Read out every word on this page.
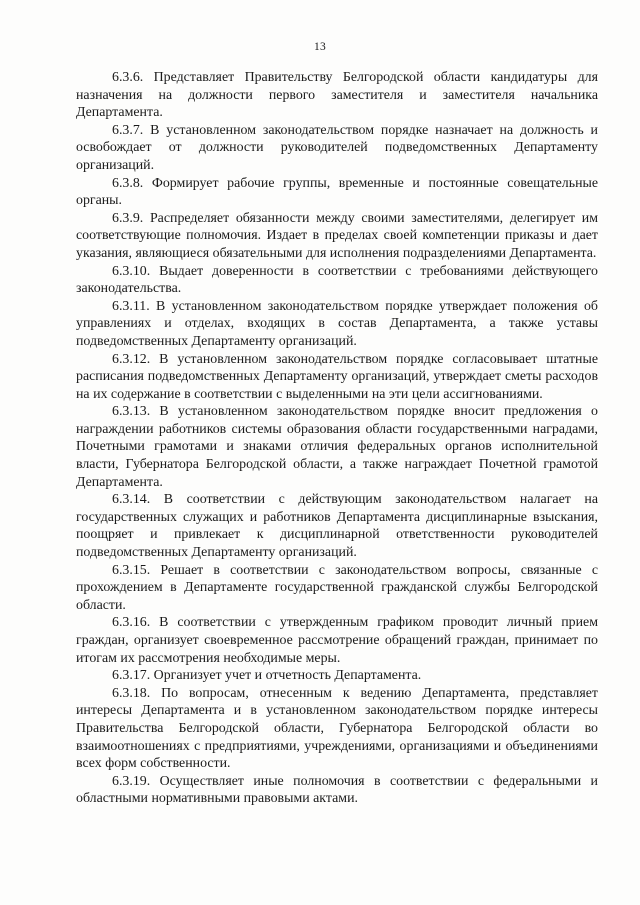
13

6.3.6. Представляет Правительству Белгородской области кандидатуры для назначения на должности первого заместителя и заместителя начальника Департамента.

6.3.7. В установленном законодательством порядке назначает на должность и освобождает от должности руководителей подведомственных Департаменту организаций.

6.3.8. Формирует рабочие группы, временные и постоянные совещательные органы.

6.3.9. Распределяет обязанности между своими заместителями, делегирует им соответствующие полномочия. Издает в пределах своей компетенции приказы и дает указания, являющиеся обязательными для исполнения подразделениями Департамента.

6.3.10. Выдает доверенности в соответствии с требованиями действующего законодательства.

6.3.11. В установленном законодательством порядке утверждает положения об управлениях и отделах, входящих в состав Департамента, а также уставы подведомственных Департаменту организаций.

6.3.12. В установленном законодательством порядке согласовывает штатные расписания подведомственных Департаменту организаций, утверждает сметы расходов на их содержание в соответствии с выделенными на эти цели ассигнованиями.

6.3.13. В установленном законодательством порядке вносит предложения о награждении работников системы образования области государственными наградами, Почетными грамотами и знаками отличия федеральных органов исполнительной власти, Губернатора Белгородской области, а также награждает Почетной грамотой Департамента.

6.3.14. В соответствии с действующим законодательством налагает на государственных служащих и работников Департамента дисциплинарные взыскания, поощряет и привлекает к дисциплинарной ответственности руководителей подведомственных Департаменту организаций.

6.3.15. Решает в соответствии с законодательством вопросы, связанные с прохождением в Департаменте государственной гражданской службы Белгородской области.

6.3.16. В соответствии с утвержденным графиком проводит личный прием граждан, организует своевременное рассмотрение обращений граждан, принимает по итогам их рассмотрения необходимые меры.

6.3.17. Организует учет и отчетность Департамента.

6.3.18. По вопросам, отнесенным к ведению Департамента, представляет интересы Департамента и в установленном законодательством порядке интересы Правительства Белгородской области, Губернатора Белгородской области во взаимоотношениях с предприятиями, учреждениями, организациями и объединениями всех форм собственности.

6.3.19. Осуществляет иные полномочия в соответствии с федеральными и областными нормативными правовыми актами.
